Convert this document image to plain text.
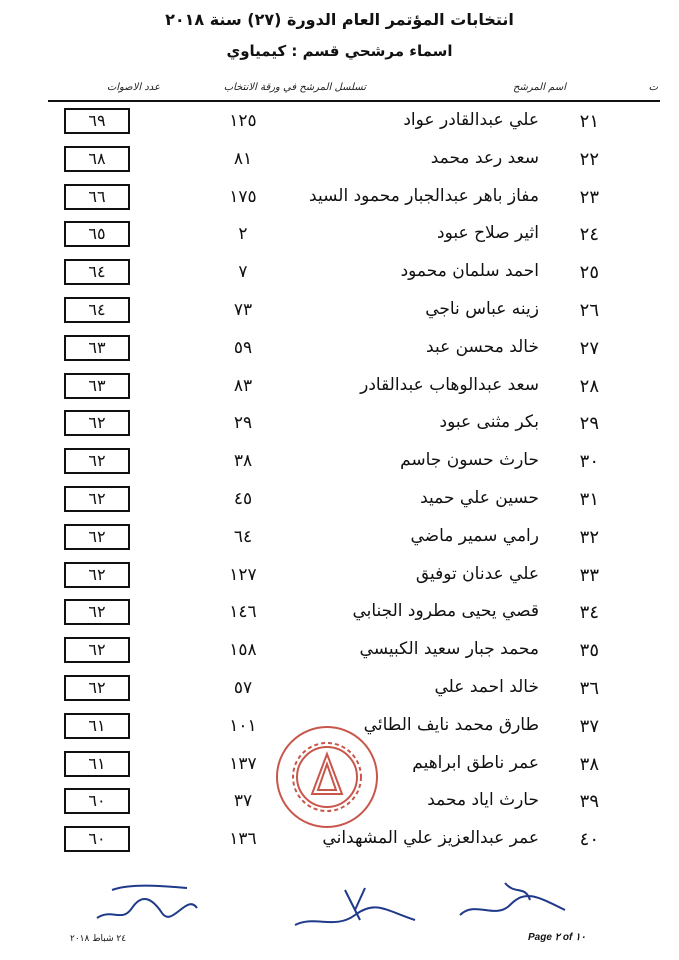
انتخابات المؤتمر العام الدورة (٢٧) سنة ٢٠١٨
اسماء مرشحي قسم : كيمياوي
ت
اسم المرشح
تسلسل المرشح في ورقة الانتخاب
عدد الاصوات
٢١
علي عبدالقادر عواد
١٢٥
٦٩
٢٢
سعد رعد محمد
٨١
٦٨
٢٣
مفاز باهر عبدالجبار محمود السيد
١٧٥
٦٦
٢٤
اثير صلاح عبود
٢
٦٥
٢٥
احمد سلمان محمود
٧
٦٤
٢٦
زينه عباس ناجي
٧٣
٦٤
٢٧
خالد محسن عبد
٥٩
٦٣
٢٨
سعد عبدالوهاب عبدالقادر
٨٣
٦٣
٢٩
بكر مثنى عبود
٢٩
٦٢
٣٠
حارث حسون جاسم
٣٨
٦٢
٣١
حسين علي حميد
٤٥
٦٢
٣٢
رامي سمير ماضي
٦٤
٦٢
٣٣
علي عدنان توفيق
١٢٧
٦٢
٣٤
قصي يحيى مطرود الجنابي
١٤٦
٦٢
٣٥
محمد جبار سعيد الكبيسي
١٥٨
٦٢
٣٦
خالد احمد علي
٥٧
٦٢
٣٧
طارق محمد نايف الطائي
١٠١
٦١
٣٨
عمر ناطق ابراهيم
١٣٧
٦١
٣٩
حارث اياد محمد
٣٧
٦٠
٤٠
عمر عبدالعزيز علي المشهداني
١٣٦
٦٠
٢٤ شباط ٢٠١٨	Page ٢ of ١٠
